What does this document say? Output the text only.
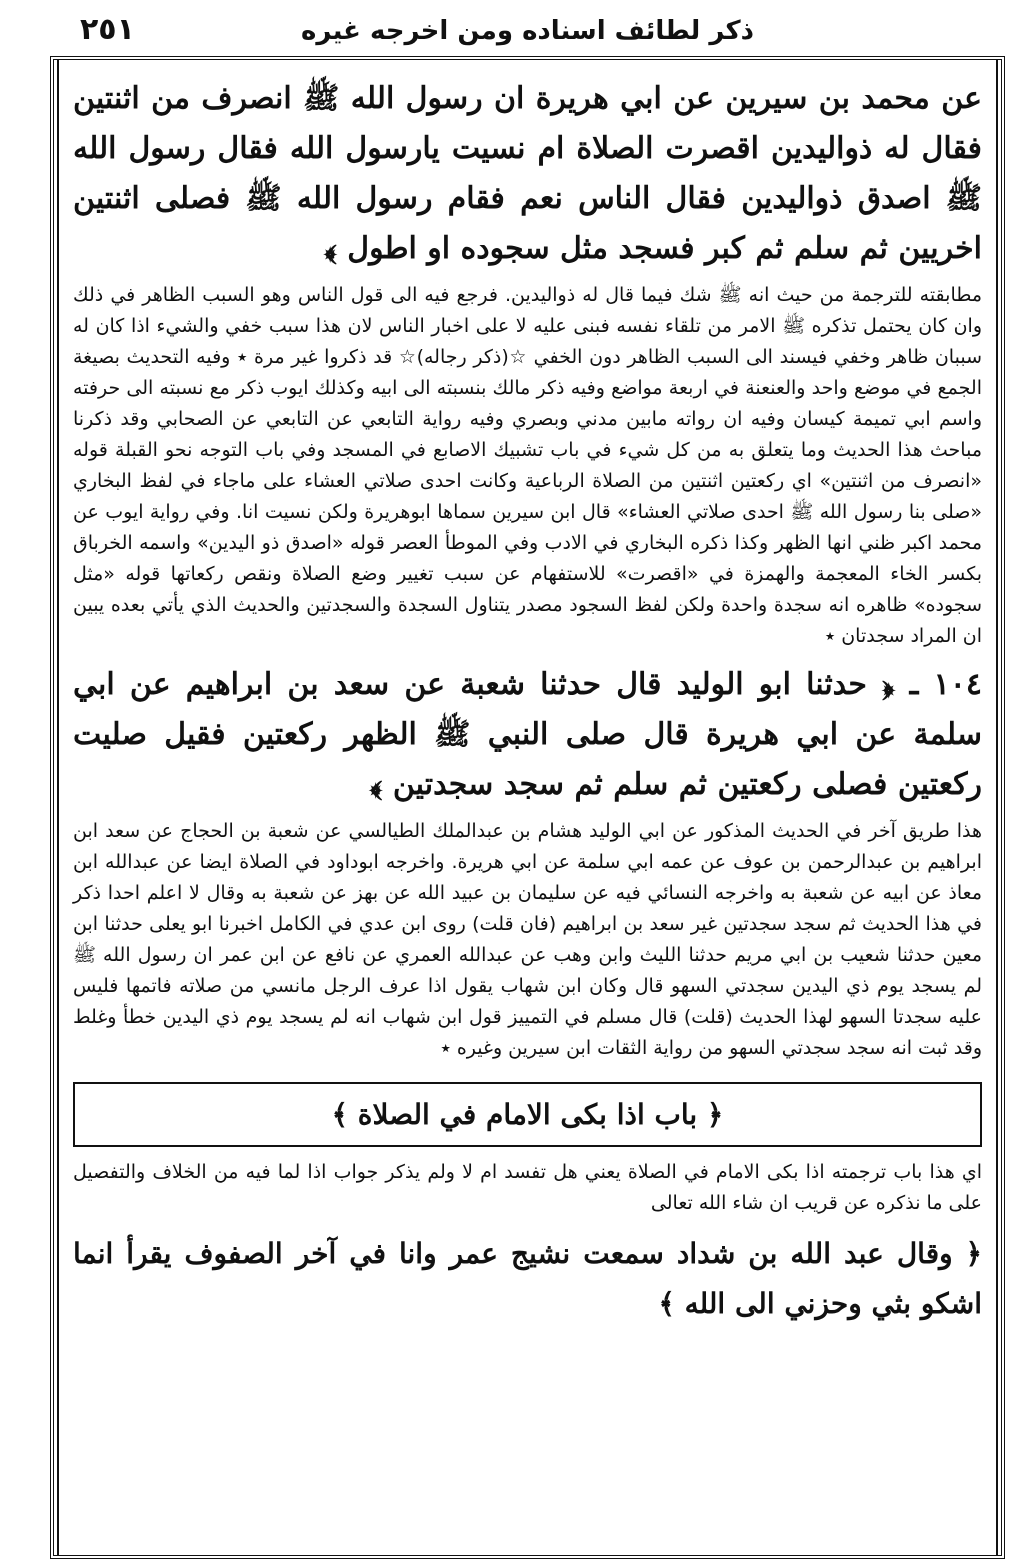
٢٥١	ذكر لطائف اسناده ومن اخرجه غيره

عن محمد بن سيرين عن ابي هريرة ان رسول الله ﷺ انصرف من اثنتين فقال له ذواليدين اقصرت الصلاة ام نسيت يارسول الله فقال رسول الله ﷺ اصدق ذواليدين فقال الناس نعم فقام رسول الله ﷺ فصلى اثنتين اخريين ثم سلم ثم كبر فسجد مثل سجوده او اطول ﴾

مطابقته للترجمة من حيث انه ﷺ شك فيما قال له ذواليدين. فرجع فيه الى قول الناس وهو السبب الظاهر في ذلك وان كان يحتمل تذكره ﷺ الامر من تلقاء نفسه فبنى عليه لا على اخبار الناس لان هذا سبب خفي والشيء اذا كان له سببان ظاهر وخفي فيسند الى السبب الظاهر دون الخفي ☆(ذكر رجاله)☆ قد ذكروا غير مرة ٭ وفيه التحديث بصيغة الجمع في موضع واحد والعنعنة في اربعة مواضع وفيه ذكر مالك بنسبته الى ابيه وكذلك ايوب ذكر مع نسبته الى حرفته واسم ابي تميمة كيسان وفيه ان رواته مابين مدني وبصري وفيه رواية التابعي عن التابعي عن الصحابي وقد ذكرنا مباحث هذا الحديث وما يتعلق به من كل شيء في باب تشبيك الاصابع في المسجد وفي باب التوجه نحو القبلة قوله «انصرف من اثنتين» اي ركعتين اثنتين من الصلاة الرباعية وكانت احدى صلاتي العشاء على ماجاء في لفظ البخاري «صلى بنا رسول الله ﷺ احدى صلاتي العشاء» قال ابن سيرين سماها ابوهريرة ولكن نسيت انا. وفي رواية ايوب عن محمد اكبر ظني انها الظهر وكذا ذكره البخاري في الادب وفي الموطأ العصر قوله «اصدق ذو اليدين» واسمه الخرباق بكسر الخاء المعجمة والهمزة في «اقصرت» للاستفهام عن سبب تغيير وضع الصلاة ونقص ركعاتها قوله «مثل سجوده» ظاهره انه سجدة واحدة ولكن لفظ السجود مصدر يتناول السجدة والسجدتين والحديث الذي يأتي بعده يبين ان المراد سجدتان ٭

١٠٤ ـ ﴿ حدثنا ابو الوليد قال حدثنا شعبة عن سعد بن ابراهيم عن ابي سلمة عن ابي هريرة قال صلى النبي ﷺ الظهر ركعتين فقيل صليت ركعتين فصلى ركعتين ثم سلم ثم سجد سجدتين ﴾

هذا طريق آخر في الحديث المذكور عن ابي الوليد هشام بن عبدالملك الطيالسي عن شعبة بن الحجاج عن سعد ابن ابراهيم بن عبدالرحمن بن عوف عن عمه ابي سلمة عن ابي هريرة. واخرجه ابوداود في الصلاة ايضا عن عبدالله ابن معاذ عن ابيه عن شعبة به واخرجه النسائي فيه عن سليمان بن عبيد الله عن بهز عن شعبة به وقال لا اعلم احدا ذكر في هذا الحديث ثم سجد سجدتين غير سعد بن ابراهيم (فان قلت) روى ابن عدي في الكامل اخبرنا ابو يعلى حدثنا ابن معين حدثنا شعيب بن ابي مريم حدثنا الليث وابن وهب عن عبدالله العمري عن نافع عن ابن عمر ان رسول الله ﷺ لم يسجد يوم ذي اليدين سجدتي السهو قال وكان ابن شهاب يقول اذا عرف الرجل مانسي من صلاته فاتمها فليس عليه سجدتا السهو لهذا الحديث (قلت) قال مسلم في التمييز قول ابن شهاب انه لم يسجد يوم ذي اليدين خطأ وغلط وقد ثبت انه سجد سجدتي السهو من رواية الثقات ابن سيرين وغيره ٭

﴿ باب اذا بكى الامام في الصلاة ﴾

اي هذا باب ترجمته اذا بكى الامام في الصلاة يعني هل تفسد ام لا ولم يذكر جواب اذا لما فيه من الخلاف والتفصيل على ما نذكره عن قريب ان شاء الله تعالى

﴿ وقال عبد الله بن شداد سمعت نشيج عمر وانا في آخر الصفوف يقرأ انما اشكو بثي وحزني الى الله ﴾
